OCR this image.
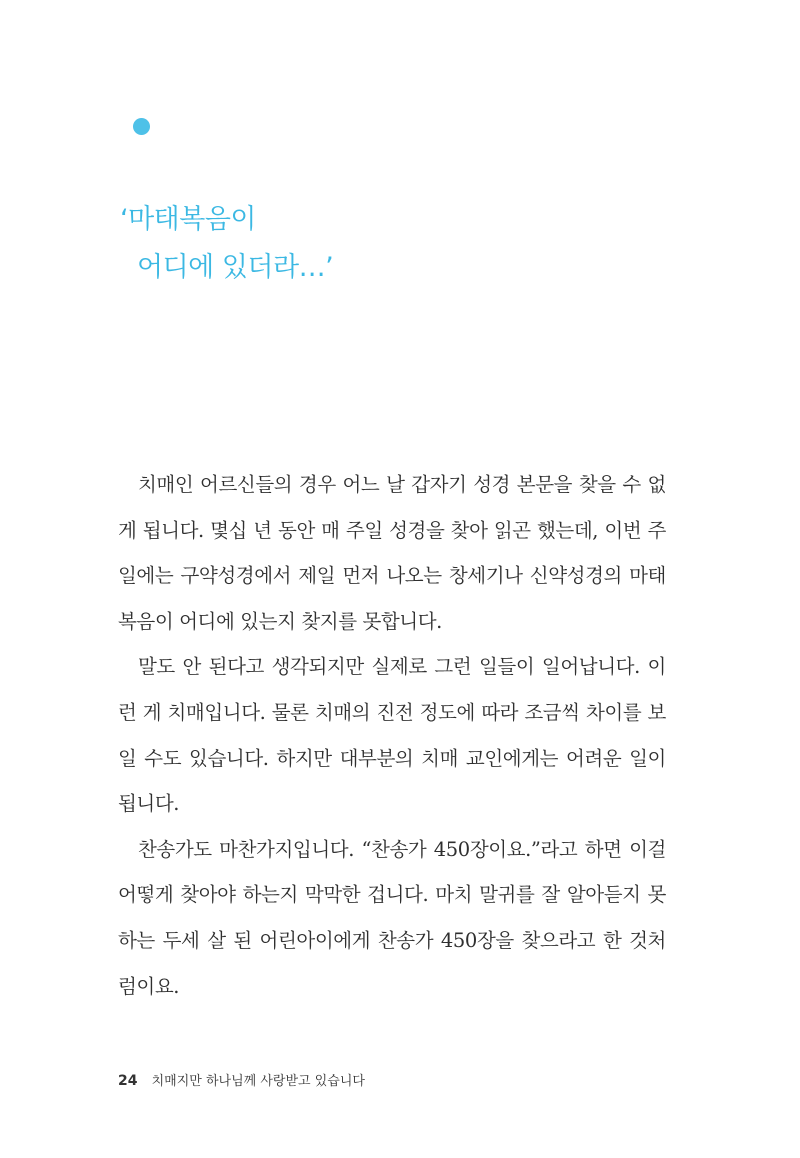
‘마태복음이
어디에 있더라…’

치매인 어르신들의 경우 어느 날 갑자기 성경 본문을 찾을 수 없게 됩니다. 몇십 년 동안 매 주일 성경을 찾아 읽곤 했는데, 이번 주일에는 구약성경에서 제일 먼저 나오는 창세기나 신약성경의 마태복음이 어디에 있는지 찾지를 못합니다.

말도 안 된다고 생각되지만 실제로 그런 일들이 일어납니다. 이런 게 치매입니다. 물론 치매의 진전 정도에 따라 조금씩 차이를 보일 수도 있습니다. 하지만 대부분의 치매 교인에게는 어려운 일이 됩니다.

찬송가도 마찬가지입니다. “찬송가 450장이요.”라고 하면 이걸 어떻게 찾아야 하는지 막막한 겁니다. 마치 말귀를 잘 알아듣지 못하는 두세 살 된 어린아이에게 찬송가 450장을 찾으라고 한 것처럼이요.

24 치매지만 하나님께 사랑받고 있습니다
